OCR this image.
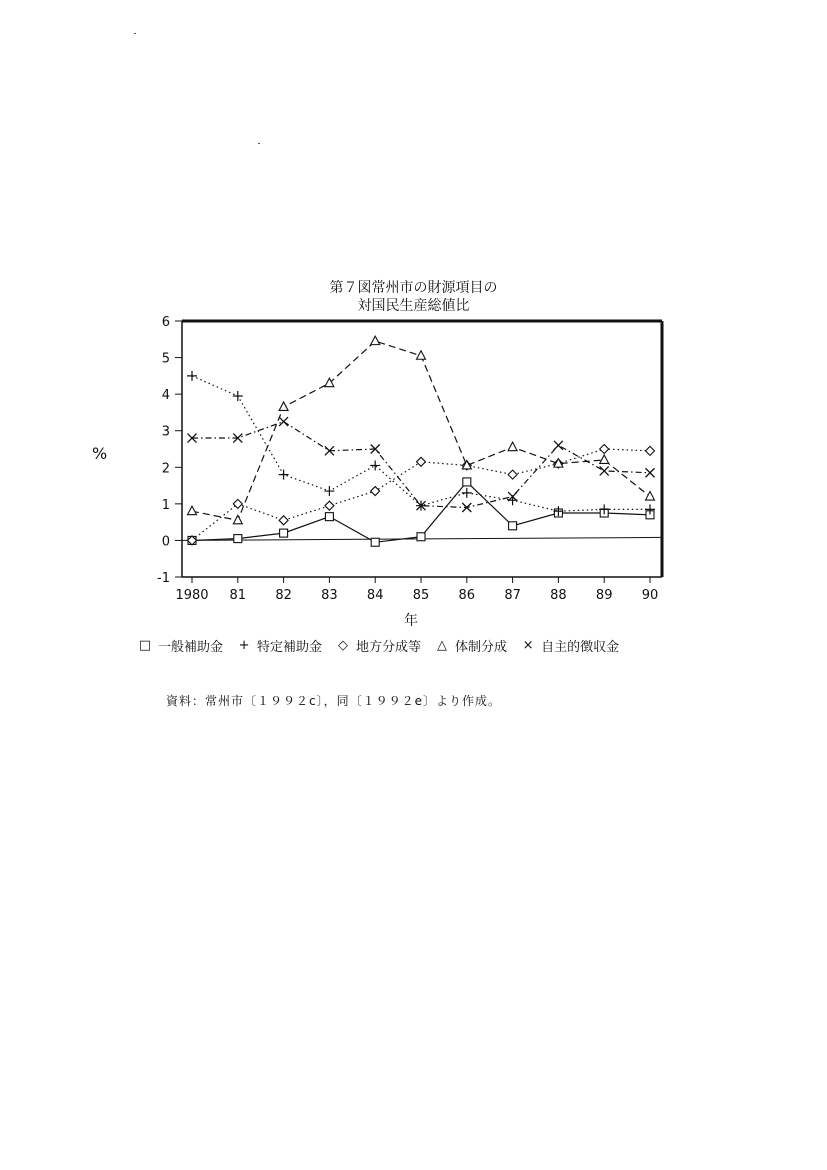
第７図常州市の財源項目の
対国民生産総値比
%
6
5
4
3
2
1
0
-1
1980 81 82 83 84 85 86 87 88 89 90
年
□ 一般補助金 + 特定補助金 ◇ 地方分成等 △ 体制分成 × 自主的徴収金
資料：常州市〔１９９２c〕，同〔１９９２e〕より作成。
